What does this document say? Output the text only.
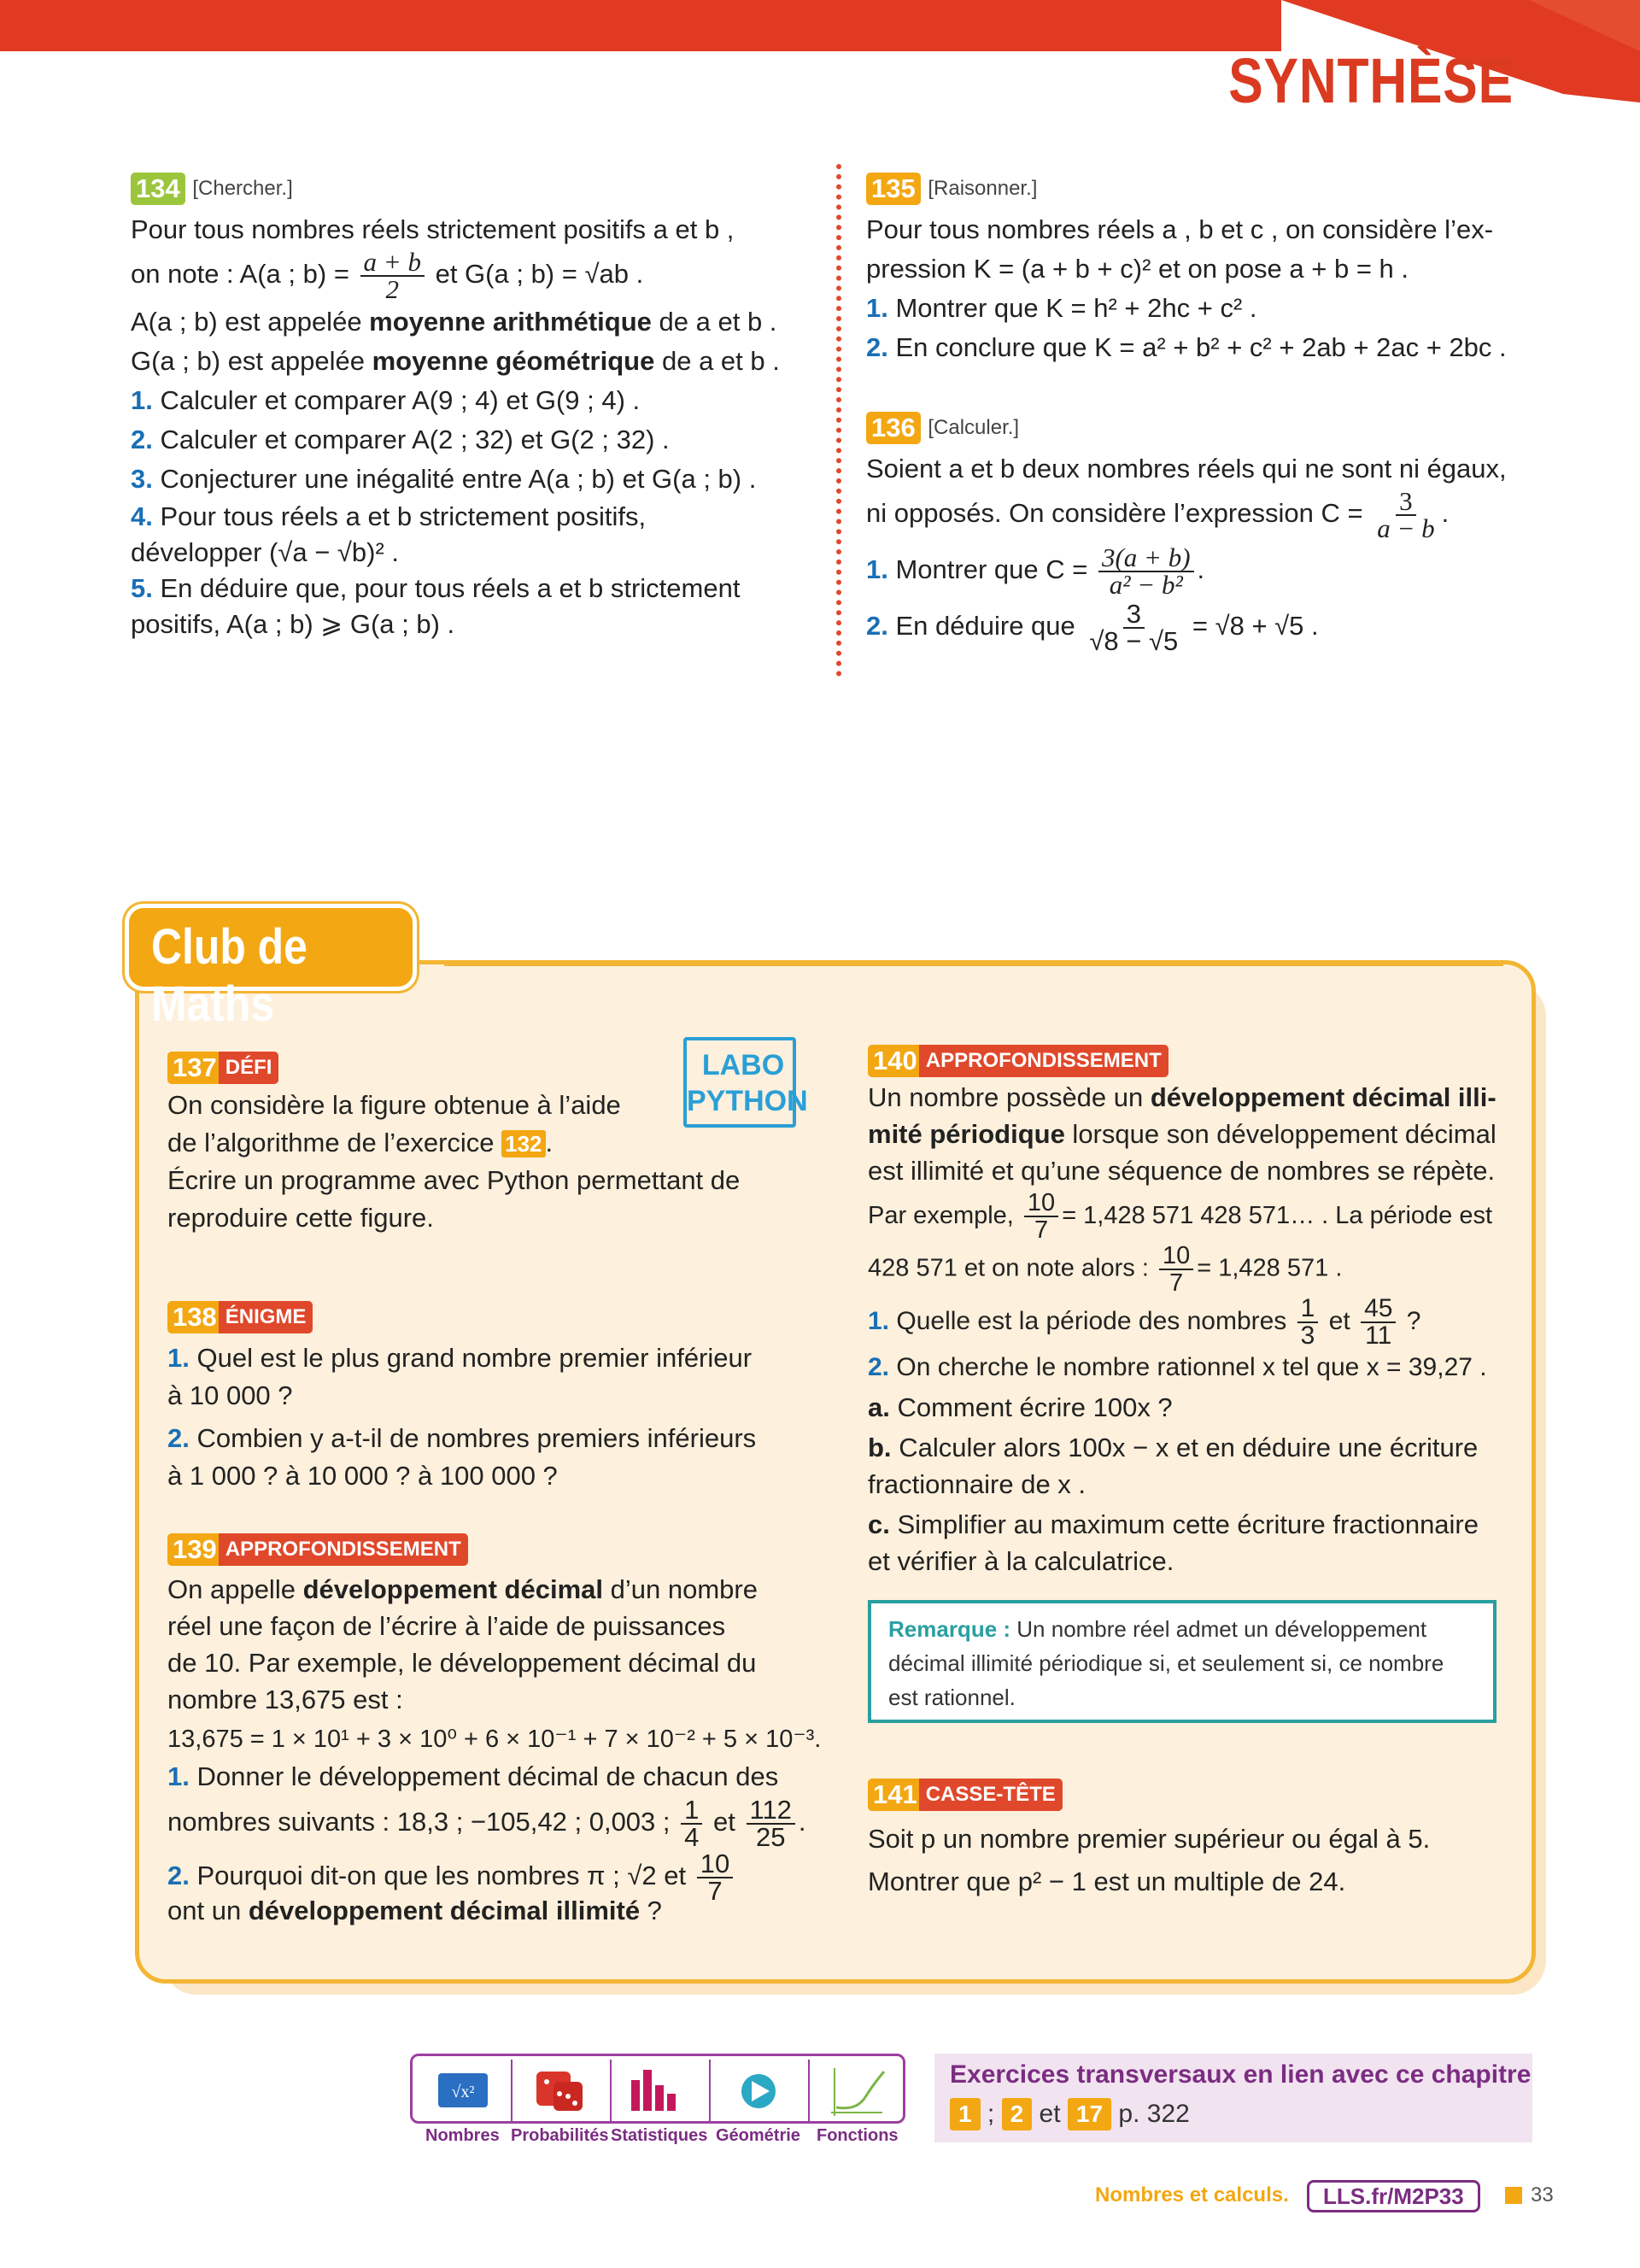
SYNTHÈSE

134 [Chercher.]

Pour tous nombres réels strictement positifs a et b ,

on note : A(a ; $b) = \frac{a + b}{2}$ et G(a ; b) = √ab .

A(a ; b) est appelée moyenne arithmétique de a et b .

G(a ; b) est appelée moyenne géométrique de a et b .

1. Calculer et comparer A(9 ; 4) et G(9 ; 4) .

2. Calculer et comparer A(2 ; 32) et G(2 ; 32) .

3. Conjecturer une inégalité entre A(a ; b) et G(a ; b) .

4. Pour tous réels a et b strictement positifs,
développer (√a − √b)² .

5. En déduire que, pour tous réels a et b strictement
positifs, A(a ; b) ⩾ G(a ; b) .

135 [Raisonner.]

Pour tous nombres réels a , b et c , on considère l’ex-

pression K = (a + b + c)² et on pose a + b = h .

1. Montrer que K = h² + 2hc + c² .

2. En conclure que K = a² + b² + c² + 2ab + 2ac + 2bc .

136 [Calculer.]

Soient a et b deux nombres réels qui ne sont ni égaux,

ni opposés. On considère l’expression $C = \frac{3}{a - b}$ .

1. Montrer que $C = \frac{3(a + b)}{\text{a² − b²}}$ .

2. En déduire que $\frac{3}{√8 - √5} = √8 + √5$ .

Club de Maths
LABO
PYTHON

137 DÉFI

On considère la figure obtenue à l’aide

de l’algorithme de l’exercice 132 .

Écrire un programme avec Python permettant de

reproduire cette figure.

138 ÉNIGME

1. Quel est le plus grand nombre premier inférieur
à 10 000 ?

2. Combien y a-t-il de nombres premiers inférieurs
à 1 000 ? à 10 000 ? à 100 000 ?

139 APPROFONDISSEMENT

On appelle développement décimal d’un nombre

réel une façon de l’écrire à l’aide de puissances

de 10. Par exemple, le développement décimal du

nombre 13,675 est :

13,675 = 1 × 10¹ + 3 × 10⁰ + 6 × 10⁻¹ + 7 × 10⁻² + 5 × 10⁻³.

1. Donner le développement décimal de chacun des

nombres suivants : 18,3 ; −105,42 ; 0,003 ; $\frac{1}{4}$ et $\frac{112}{25}$ .

2. Pourquoi dit-on que les nombres π ; √2 et $\frac{10}{7}$

ont un développement décimal illimité ?

140 APPROFONDISSEMENT

Un nombre possède un développement décimal illi-

mité périodique lorsque son développement décimal

est illimité et qu’une séquence de nombres se répète.

Par exemple, $\frac{10}{7} = 1,428$ 571 428 571… . La période est

428 571 et on note alors : $\frac{10}{7} = 1,428$ 571 .

1. Quelle est la période des nombres $\frac{1}{3}$ et $\frac{45}{11}$ ?

2. On cherche le nombre rationnel x tel que x = 39,27 .

a. Comment écrire 100x ?

b. Calculer alors 100x − x et en déduire une écriture
fractionnaire de x .

c. Simplifier au maximum cette écriture fractionnaire
et vérifier à la calculatrice.

Remarque : Un nombre réel admet un développement
décimal illimité périodique si, et seulement si, ce nombre
est rationnel.

141 CASSE-TÊTE

Soit p un nombre premier supérieur ou égal à 5.

Montrer que p² − 1 est un multiple de 24.

√x²
Nombres Probabilités Statistiques Géométrie Fonctions
Exercices transversaux en lien avec ce chapitre
1 ; 2 et 17 p. 322
Nombres et calculs.	LLS.fr/M2P33	33
